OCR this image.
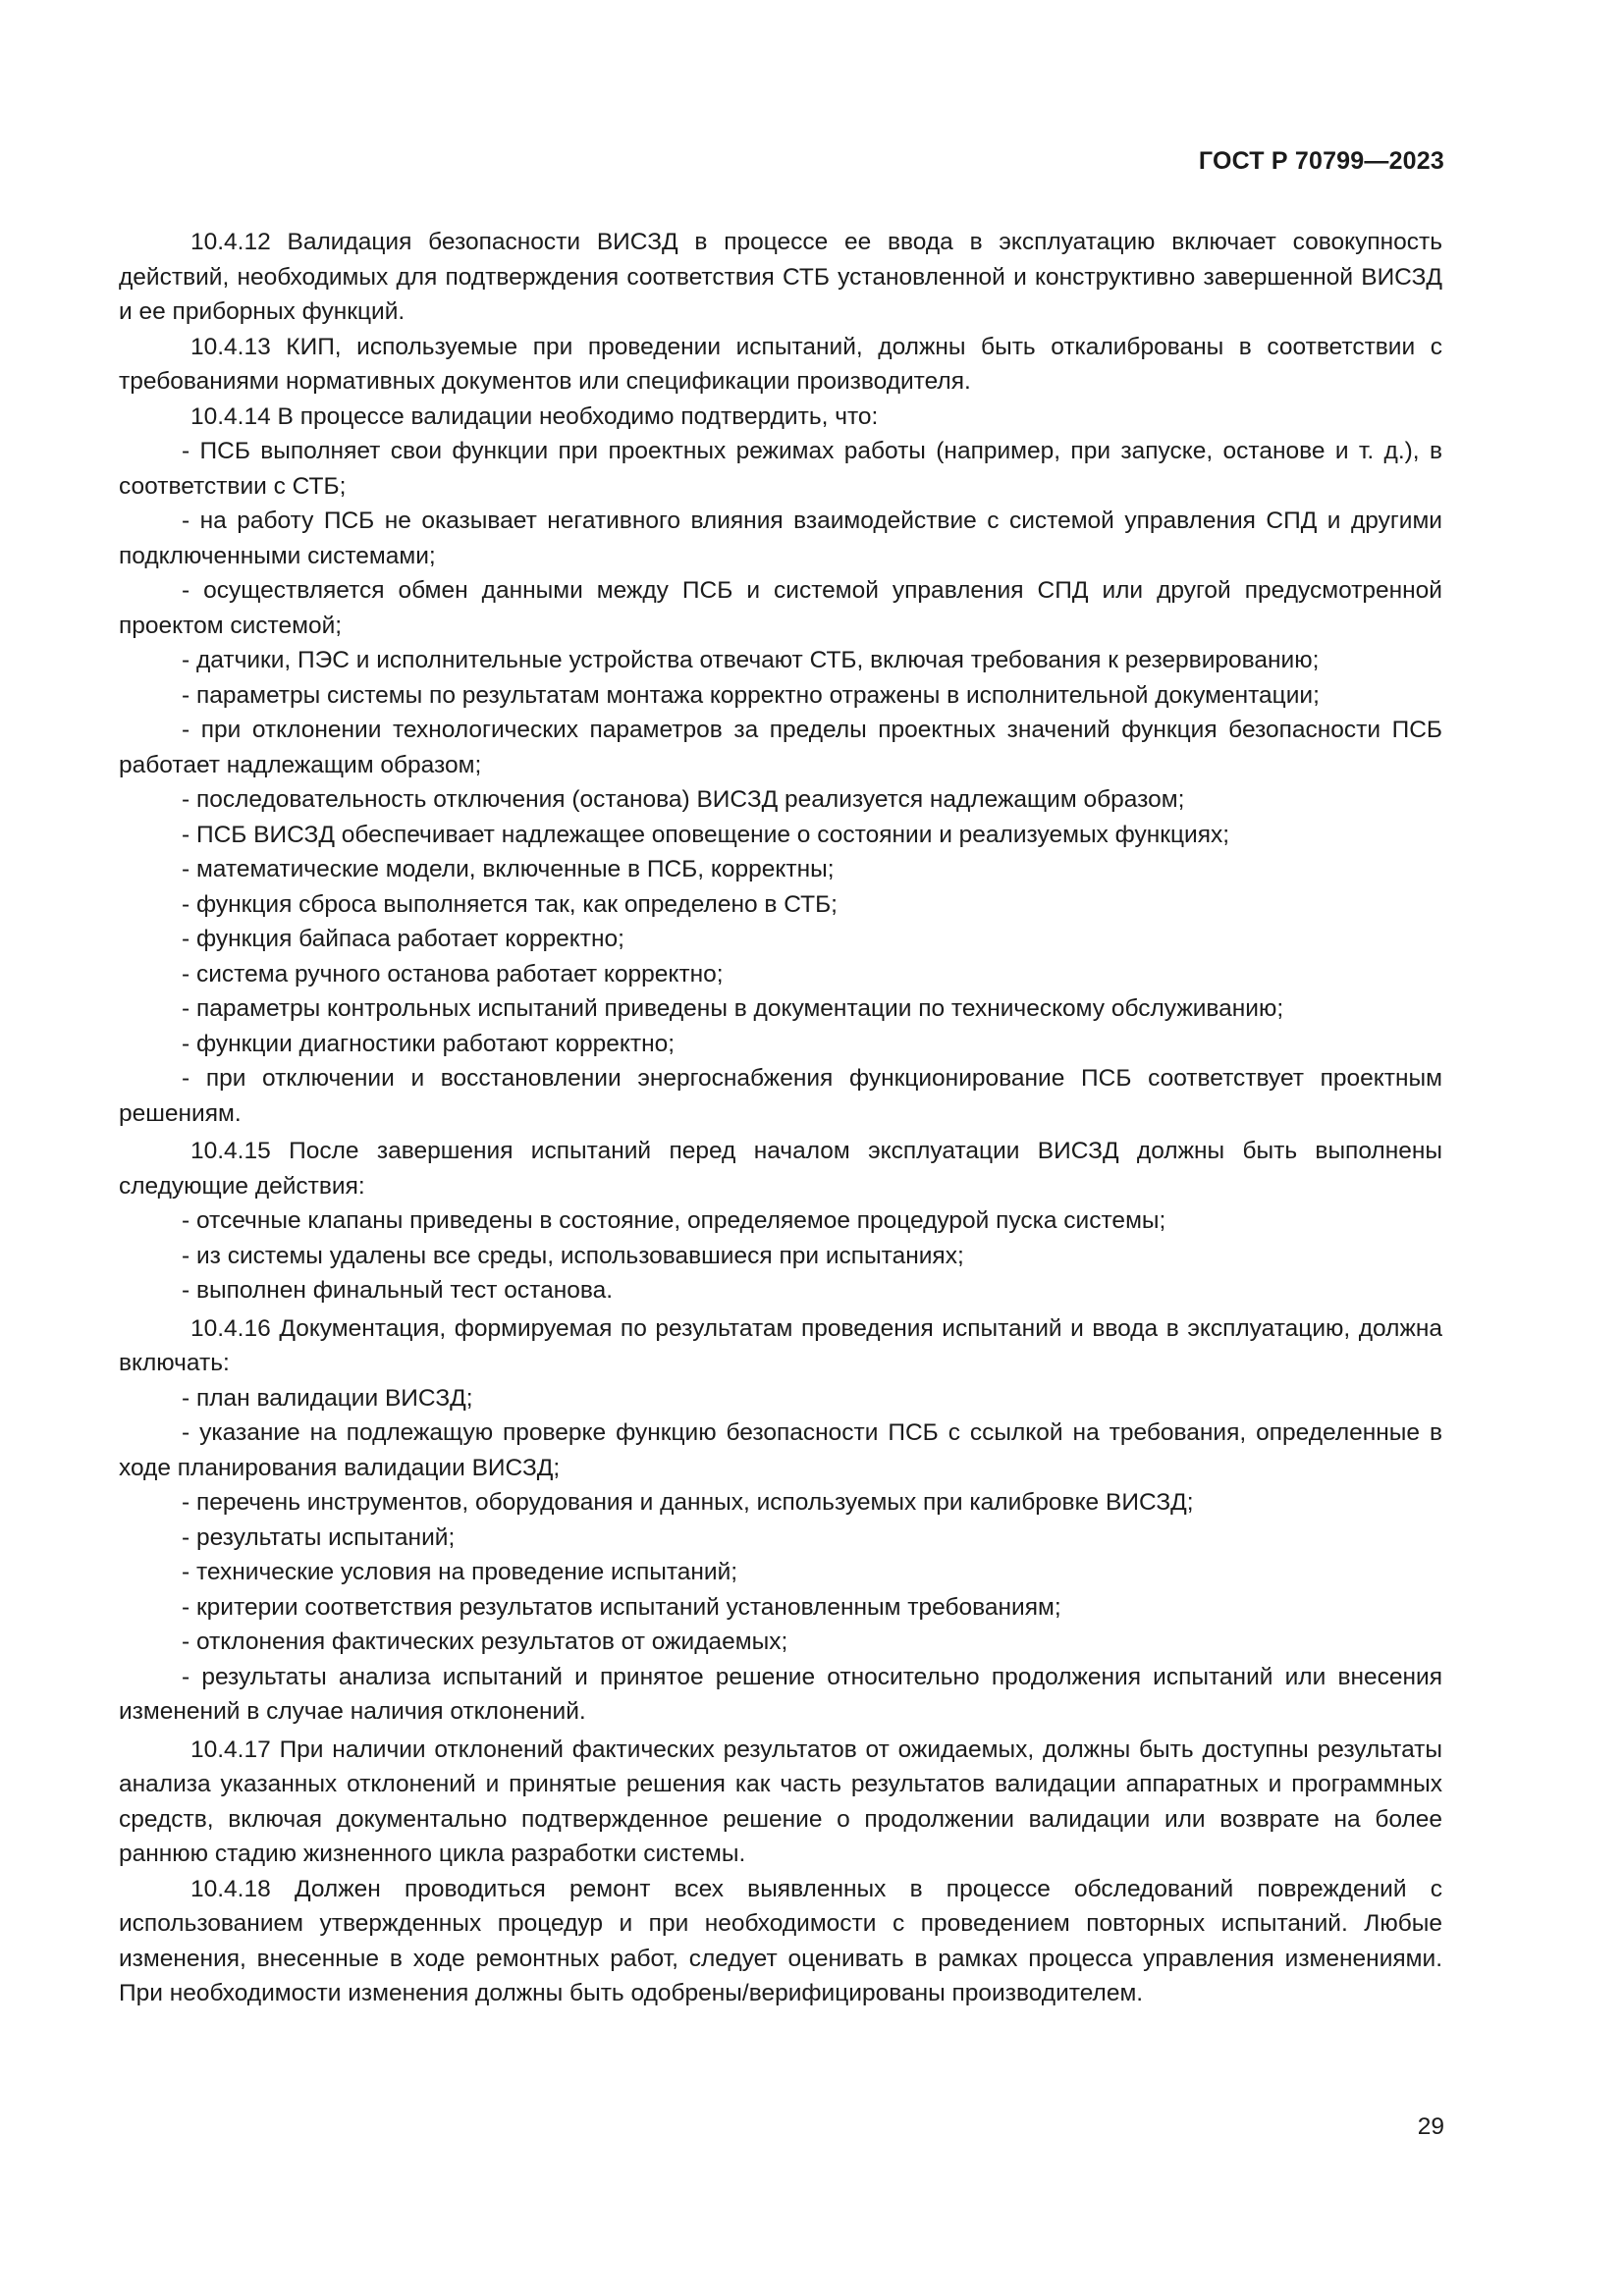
ГОСТ Р 70799—2023

10.4.12 Валидация безопасности ВИСЗД в процессе ее ввода в эксплуатацию включает совокупность действий, необходимых для подтверждения соответствия СТБ установленной и конструктивно завершенной ВИСЗД и ее приборных функций.

10.4.13 КИП, используемые при проведении испытаний, должны быть откалиброваны в соответствии с требованиями нормативных документов или спецификации производителя.

10.4.14 В процессе валидации необходимо подтвердить, что:

- ПСБ выполняет свои функции при проектных режимах работы (например, при запуске, останове и т. д.), в соответствии с СТБ;

- на работу ПСБ не оказывает негативного влияния взаимодействие с системой управления СПД и другими подключенными системами;

- осуществляется обмен данными между ПСБ и системой управления СПД или другой предусмотренной проектом системой;

- датчики, ПЭС и исполнительные устройства отвечают СТБ, включая требования к резервированию;

- параметры системы по результатам монтажа корректно отражены в исполнительной документации;

- при отклонении технологических параметров за пределы проектных значений функция безопасности ПСБ работает надлежащим образом;

- последовательность отключения (останова) ВИСЗД реализуется надлежащим образом;

- ПСБ ВИСЗД обеспечивает надлежащее оповещение о состоянии и реализуемых функциях;

- математические модели, включенные в ПСБ, корректны;

- функция сброса выполняется так, как определено в СТБ;

- функция байпаса работает корректно;

- система ручного останова работает корректно;

- параметры контрольных испытаний приведены в документации по техническому обслуживанию;

- функции диагностики работают корректно;

- при отключении и восстановлении энергоснабжения функционирование ПСБ соответствует проектным решениям.

10.4.15 После завершения испытаний перед началом эксплуатации ВИСЗД должны быть выполнены следующие действия:

- отсечные клапаны приведены в состояние, определяемое процедурой пуска системы;

- из системы удалены все среды, использовавшиеся при испытаниях;

- выполнен финальный тест останова.

10.4.16 Документация, формируемая по результатам проведения испытаний и ввода в эксплуатацию, должна включать:

- план валидации ВИСЗД;

- указание на подлежащую проверке функцию безопасности ПСБ с ссылкой на требования, определенные в ходе планирования валидации ВИСЗД;

- перечень инструментов, оборудования и данных, используемых при калибровке ВИСЗД;

- результаты испытаний;

- технические условия на проведение испытаний;

- критерии соответствия результатов испытаний установленным требованиям;

- отклонения фактических результатов от ожидаемых;

- результаты анализа испытаний и принятое решение относительно продолжения испытаний или внесения изменений в случае наличия отклонений.

10.4.17 При наличии отклонений фактических результатов от ожидаемых, должны быть доступны результаты анализа указанных отклонений и принятые решения как часть результатов валидации аппаратных и программных средств, включая документально подтвержденное решение о продолжении валидации или возврате на более раннюю стадию жизненного цикла разработки системы.

10.4.18 Должен проводиться ремонт всех выявленных в процессе обследований повреждений с использованием утвержденных процедур и при необходимости с проведением повторных испытаний. Любые изменения, внесенные в ходе ремонтных работ, следует оценивать в рамках процесса управления изменениями. При необходимости изменения должны быть одобрены/верифицированы производителем.

29
